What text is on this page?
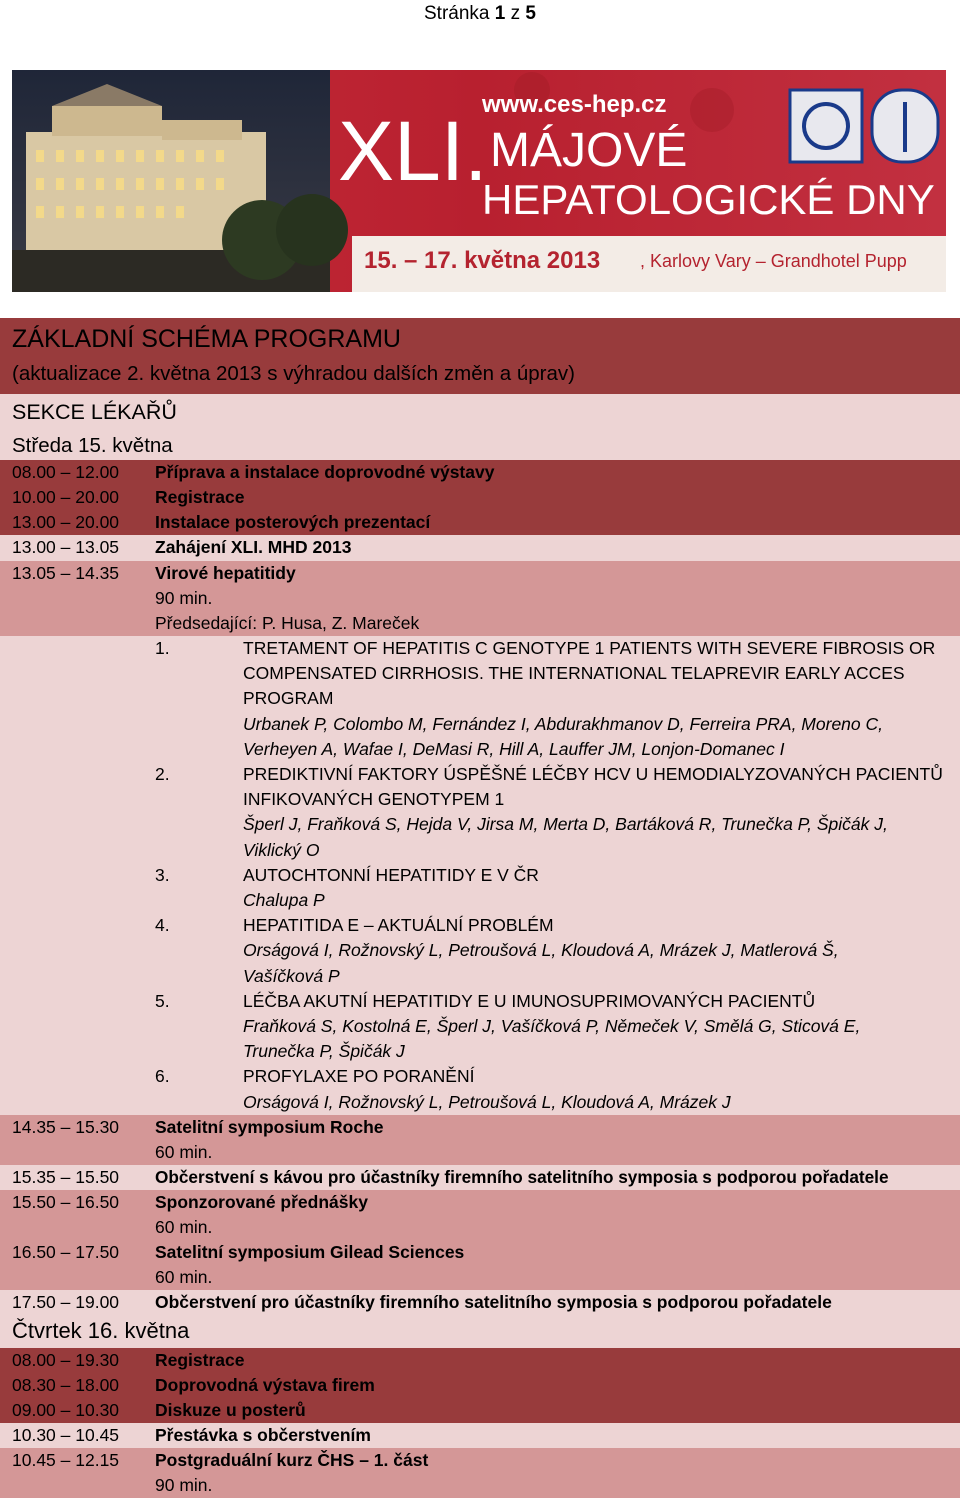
Stránka 1 z 5
www.ces-hep.cz
XLI. MÁJOVÉ
HEPATOLOGICKÉ DNY
15. – 17. května 2013 , Karlovy Vary – Grandhotel Pupp
ZÁKLADNÍ SCHÉMA PROGRAMU
(aktualizace 2. května 2013 s výhradou dalších změn a úprav)
SEKCE LÉKAŘŮ
Středa 15. května
08.00 – 12.00	Příprava a instalace doprovodné výstavy
10.00 – 20.00	Registrace
13.00 – 20.00	Instalace posterových prezentací
13.00 – 13.05	Zahájení XLI. MHD 2013
13.05 – 14.35	Virové hepatitidy
90 min.
Předsedající: P. Husa, Z. Mareček
1.	TRETAMENT OF HEPATITIS C GENOTYPE 1 PATIENTS WITH SEVERE FIBROSIS OR
COMPENSATED CIRRHOSIS. THE INTERNATIONAL TELAPREVIR EARLY ACCES
PROGRAM
Urbanek P, Colombo M, Fernández I, Abdurakhmanov D, Ferreira PRA, Moreno C,
Verheyen A, Wafae I, DeMasi R, Hill A, Lauffer JM, Lonjon-Domanec I
2.	PREDIKTIVNÍ FAKTORY ÚSPĚŠNÉ LÉČBY HCV U HEMODIALYZOVANÝCH PACIENTŮ
INFIKOVANÝCH GENOTYPEM 1
Šperl J, Fraňková S, Hejda V, Jirsa M, Merta D, Bartáková R, Trunečka P, Špičák J,
Viklický O
3.	AUTOCHTONNÍ HEPATITIDY E V ČR
Chalupa P
4.	HEPATITIDA E – AKTUÁLNÍ PROBLÉM
Orságová I, Rožnovský L, Petroušová L, Kloudová A, Mrázek J, Matlerová Š,
Vašíčková P
5.	LÉČBA AKUTNÍ HEPATITIDY E U IMUNOSUPRIMOVANÝCH PACIENTŮ
Fraňková S, Kostolná E, Šperl J, Vašíčková P, Němeček V, Smělá G, Sticová E,
Trunečka P, Špičák J
6.	PROFYLAXE PO PORANĚNÍ
Orságová I, Rožnovský L, Petroušová L, Kloudová A, Mrázek J
14.35 – 15.30	Satelitní symposium Roche
60 min.
15.35 – 15.50	Občerstvení s kávou pro účastníky firemního satelitního symposia s podporou pořadatele
15.50 – 16.50	Sponzorované přednášky
60 min.
16.50 – 17.50	Satelitní symposium Gilead Sciences
60 min.
17.50 – 19.00	Občerstvení pro účastníky firemního satelitního symposia s podporou pořadatele
Čtvrtek 16. května
08.00 – 19.30	Registrace
08.30 – 18.00	Doprovodná výstava firem
09.00 – 10.30	Diskuze u posterů
10.30 – 10.45	Přestávka s občerstvením
10.45 – 12.15	Postgraduální kurz ČHS – 1. část
90 min.
